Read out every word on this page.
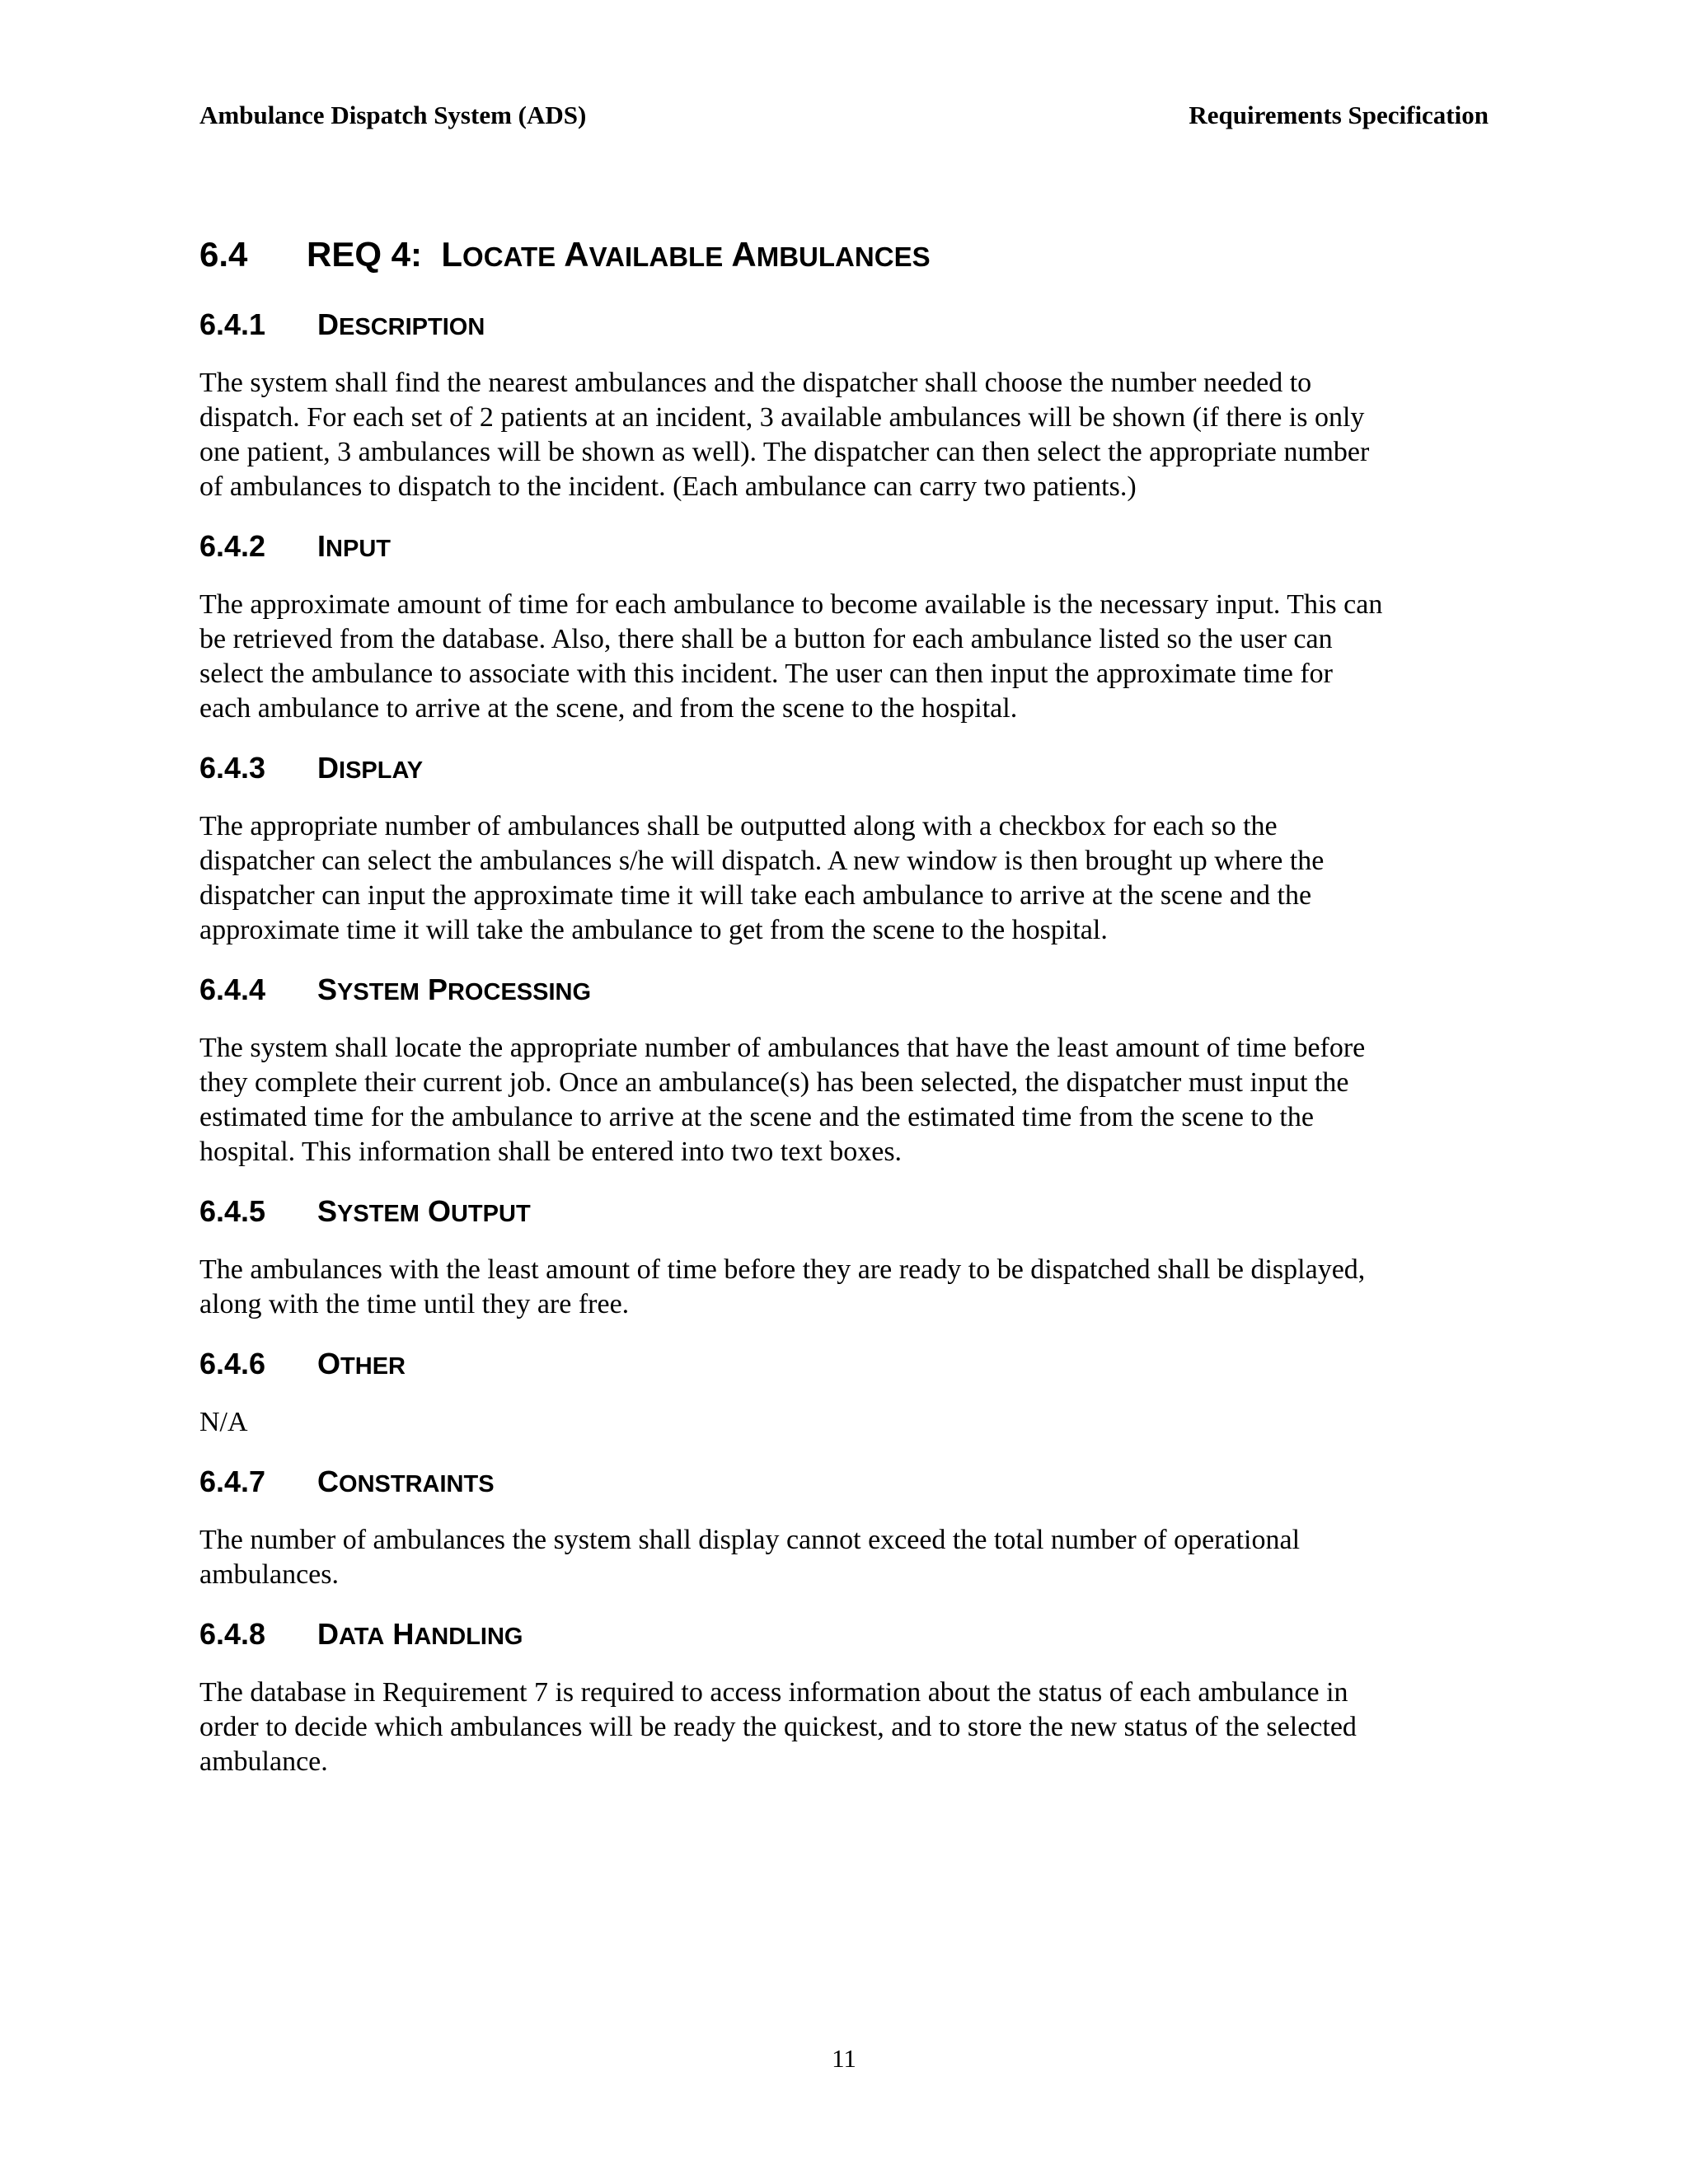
Ambulance Dispatch System (ADS)	Requirements Specification
6.4	REQ 4:
LOCATE AVAILABLE AMBULANCES
6.4.1	DESCRIPTION

The system shall find the nearest ambulances and the dispatcher shall choose the number needed to
dispatch. For each set of 2 patients at an incident, 3 available ambulances will be shown (if there is only
one patient, 3 ambulances will be shown as well). The dispatcher can then select the appropriate number
of ambulances to dispatch to the incident. (Each ambulance can carry two patients.)

6.4.2	INPUT

The approximate amount of time for each ambulance to become available is the necessary input. This can
be retrieved from the database. Also, there shall be a button for each ambulance listed so the user can
select the ambulance to associate with this incident. The user can then input the approximate time for
each ambulance to arrive at the scene, and from the scene to the hospital.

6.4.3	DISPLAY

The appropriate number of ambulances shall be outputted along with a checkbox for each so the
dispatcher can select the ambulances s/he will dispatch. A new window is then brought up where the
dispatcher can input the approximate time it will take each ambulance to arrive at the scene and the
approximate time it will take the ambulance to get from the scene to the hospital.

6.4.4	SYSTEM PROCESSING

The system shall locate the appropriate number of ambulances that have the least amount of time before
they complete their current job. Once an ambulance(s) has been selected, the dispatcher must input the
estimated time for the ambulance to arrive at the scene and the estimated time from the scene to the
hospital. This information shall be entered into two text boxes.

6.4.5	SYSTEM OUTPUT

The ambulances with the least amount of time before they are ready to be dispatched shall be displayed,
along with the time until they are free.

6.4.6	OTHER

N/A

6.4.7	CONSTRAINTS

The number of ambulances the system shall display cannot exceed the total number of operational
ambulances.

6.4.8	DATA HANDLING

The database in Requirement 7 is required to access information about the status of each ambulance in
order to decide which ambulances will be ready the quickest, and to store the new status of the selected
ambulance.

11
